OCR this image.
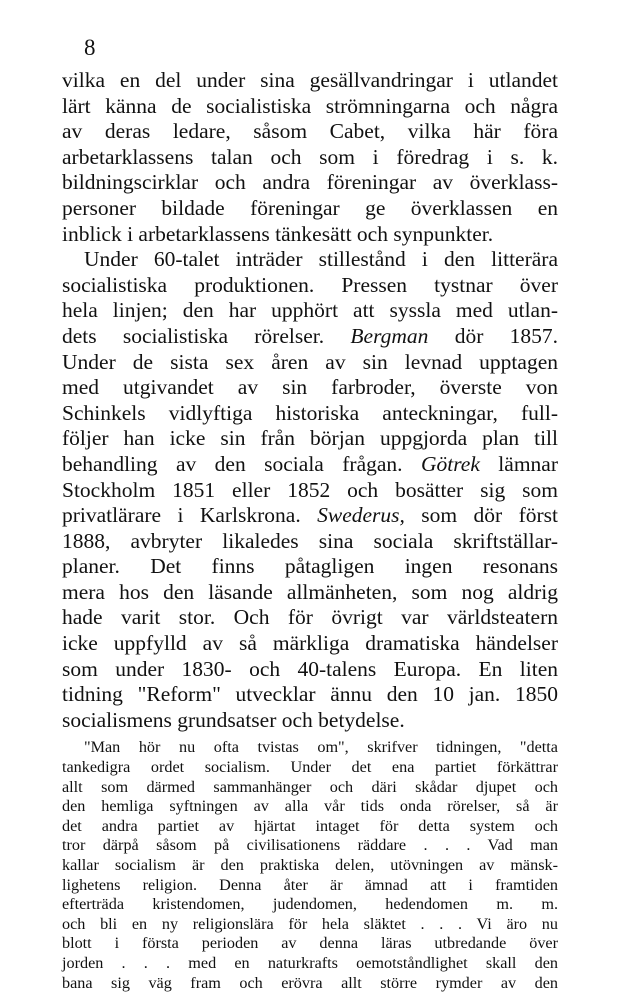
8
vilka en del under sina gesällvandringar i utlandet
lärt känna de socialistiska strömningarna och några
av deras ledare, såsom Cabet, vilka här föra
arbetarklassens talan och som i föredrag i s. k.
bildningscirklar och andra föreningar av överklass-
personer bildade föreningar ge överklassen en
inblick i arbetarklassens tänkesätt och synpunkter.
Under 60-talet inträder stillestånd i den litterära
socialistiska produktionen. Pressen tystnar över
hela linjen; den har upphört att syssla med utlan-
dets socialistiska rörelser. Bergman dör 1857.
Under de sista sex åren av sin levnad upptagen
med utgivandet av sin farbroder, överste von
Schinkels vidlyftiga historiska anteckningar, full-
följer han icke sin från början uppgjorda plan till
behandling av den sociala frågan. Götrek lämnar
Stockholm 1851 eller 1852 och bosätter sig som
privatlärare i Karlskrona. Swederus, som dör först
1888, avbryter likaledes sina sociala skriftställar-
planer. Det finns påtagligen ingen resonans
mera hos den läsande allmänheten, som nog aldrig
hade varit stor. Och för övrigt var världsteatern
icke uppfylld av så märkliga dramatiska händelser
som under 1830- och 40-talens Europa. En liten
tidning "Reform" utvecklar ännu den 10 jan. 1850
socialismens grundsatser och betydelse.
"Man hör nu ofta tvistas om", skrifver tidningen, "detta
tankedigra ordet socialism. Under det ena partiet förkättrar
allt som därmed sammanhänger och däri skådar djupet och
den hemliga syftningen av alla vår tids onda rörelser, så är
det andra partiet av hjärtat intaget för detta system och
tror därpå såsom på civilisationens räddare . . . Vad man
kallar socialism är den praktiska delen, utövningen av mänsk-
lighetens religion. Denna åter är ämnad att i framtiden
efterträda kristendomen, judendomen, hedendomen m. m.
och bli en ny religionslära för hela släktet . . . Vi äro nu
blott i första perioden av denna läras utbredande över
jorden . . . med en naturkrafts oemotståndlighet skall den
bana sig väg fram och erövra allt större rymder av den
